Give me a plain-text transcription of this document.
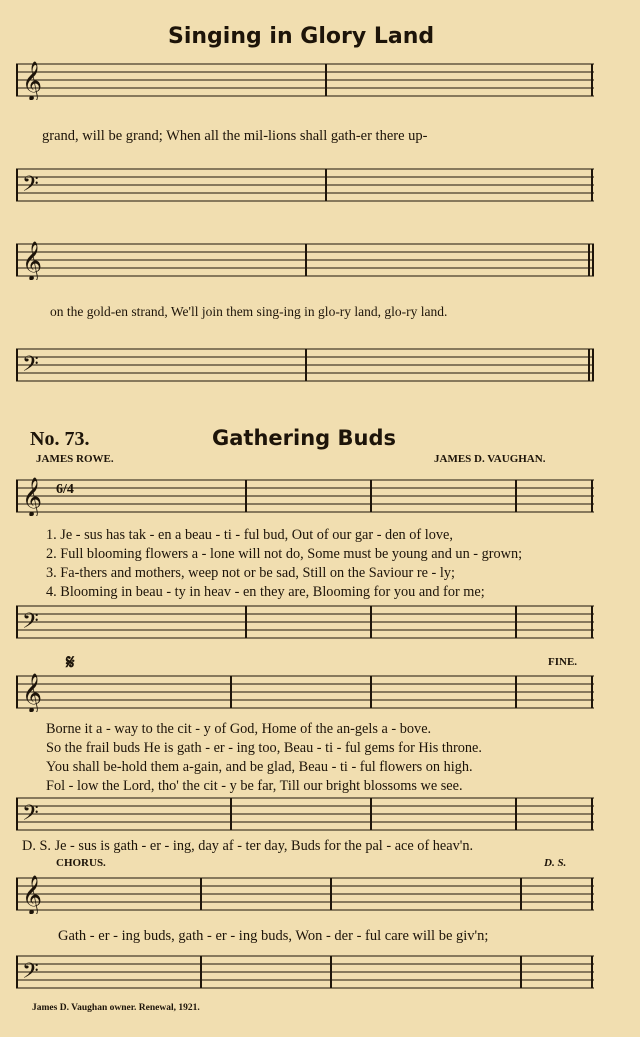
Singing in Glory Land
𝄞
grand, will be grand; When all the mil-lions shall gath-er there up-
𝄢
𝄞
on the gold-en strand, We'll join them sing-ing in glo-ry land, glo-ry land.
𝄢
No. 73.	Gathering Buds
JAMES ROWE.	JAMES D. VAUGHAN.
𝄞 6/4
1. Je - sus has tak - en a beau - ti - ful bud, Out of our gar - den of love,
2. Full blooming flowers a - lone will not do, Some must be young and un - grown;
3. Fa-thers and mothers, weep not or be sad, Still on the Saviour re - ly;
4. Blooming in beau - ty in heav - en they are, Blooming for you and for me;
𝄢
𝄋	FINE.
𝄞
Borne it a - way to the cit - y of God, Home of the an-gels a - bove.
So the frail buds He is gath - er - ing too, Beau - ti - ful gems for His throne.
You shall be-hold them a-gain, and be glad, Beau - ti - ful flowers on high.
Fol - low the Lord, tho' the cit - y be far, Till our bright blossoms we see.
𝄢
D. S. Je - sus is gath - er - ing, day af - ter day, Buds for the pal - ace of heav'n.
CHORUS.	D. S.
𝄞
Gath - er - ing buds, gath - er - ing buds, Won - der - ful care will be giv'n;
𝄢
James D. Vaughan owner. Renewal, 1921.
